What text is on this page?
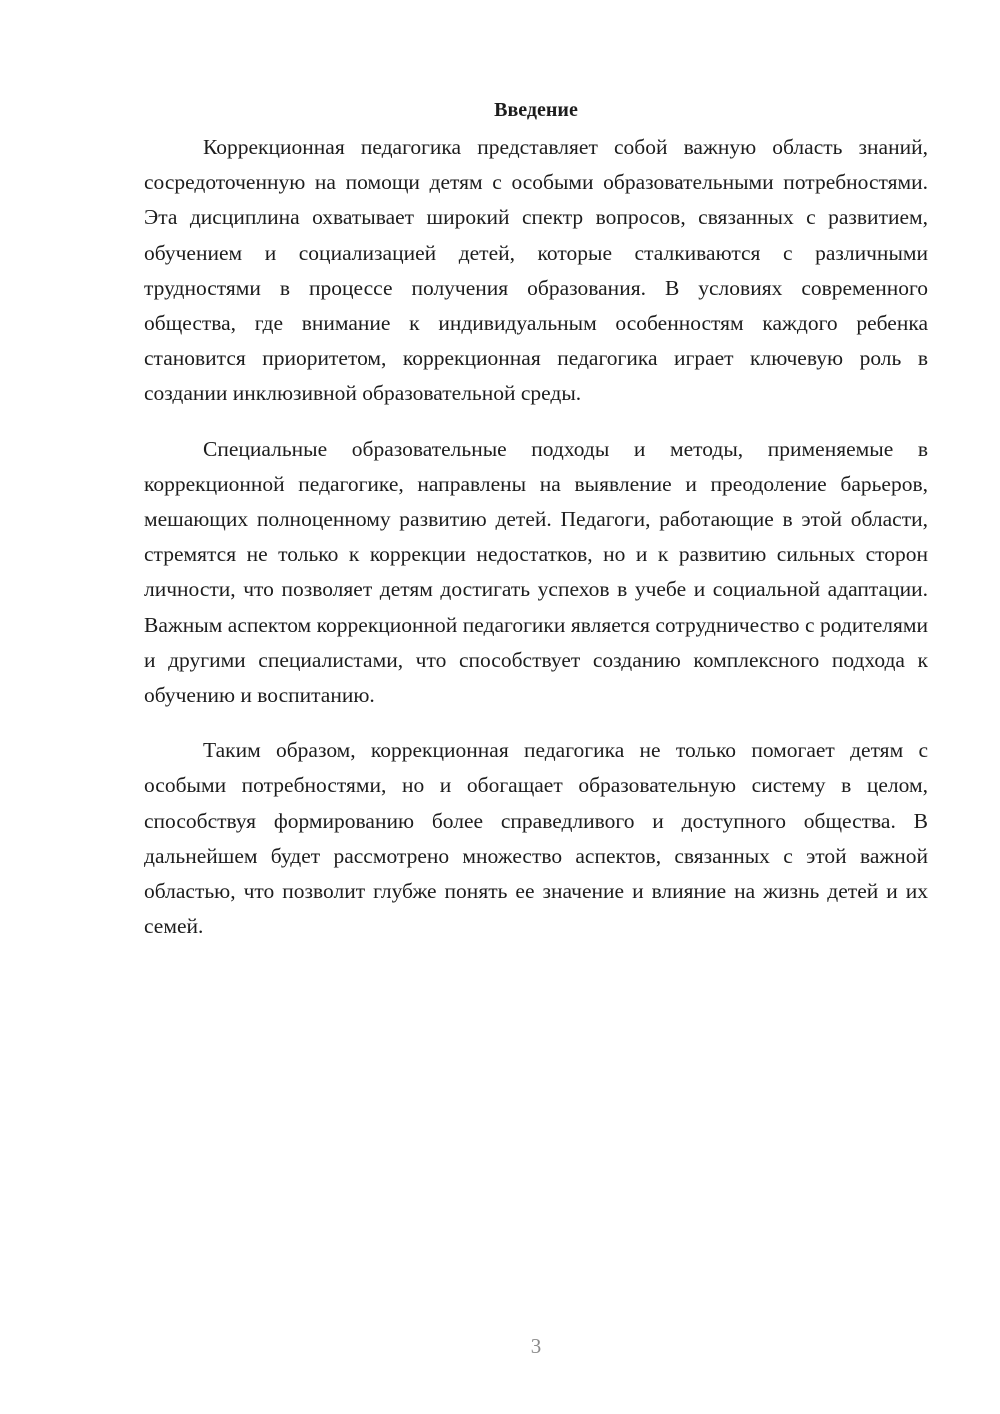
Введение

Коррекционная педагогика представляет собой важную область знаний, сосредоточенную на помощи детям с особыми образовательными потребностями. Эта дисциплина охватывает широкий спектр вопросов, связанных с развитием, обучением и социализацией детей, которые сталкиваются с различными трудностями в процессе получения образования. В условиях современного общества, где внимание к индивидуальным особенностям каждого ребенка становится приоритетом, коррекционная педагогика играет ключевую роль в создании инклюзивной образовательной среды.

Специальные образовательные подходы и методы, применяемые в коррекционной педагогике, направлены на выявление и преодоление барьеров, мешающих полноценному развитию детей. Педагоги, работающие в этой области, стремятся не только к коррекции недостатков, но и к развитию сильных сторон личности, что позволяет детям достигать успехов в учебе и социальной адаптации. Важным аспектом коррекционной педагогики является сотрудничество с родителями и другими специалистами, что способствует созданию комплексного подхода к обучению и воспитанию.

Таким образом, коррекционная педагогика не только помогает детям с особыми потребностями, но и обогащает образовательную систему в целом, способствуя формированию более справедливого и доступного общества. В дальнейшем будет рассмотрено множество аспектов, связанных с этой важной областью, что позволит глубже понять ее значение и влияние на жизнь детей и их семей.

3
